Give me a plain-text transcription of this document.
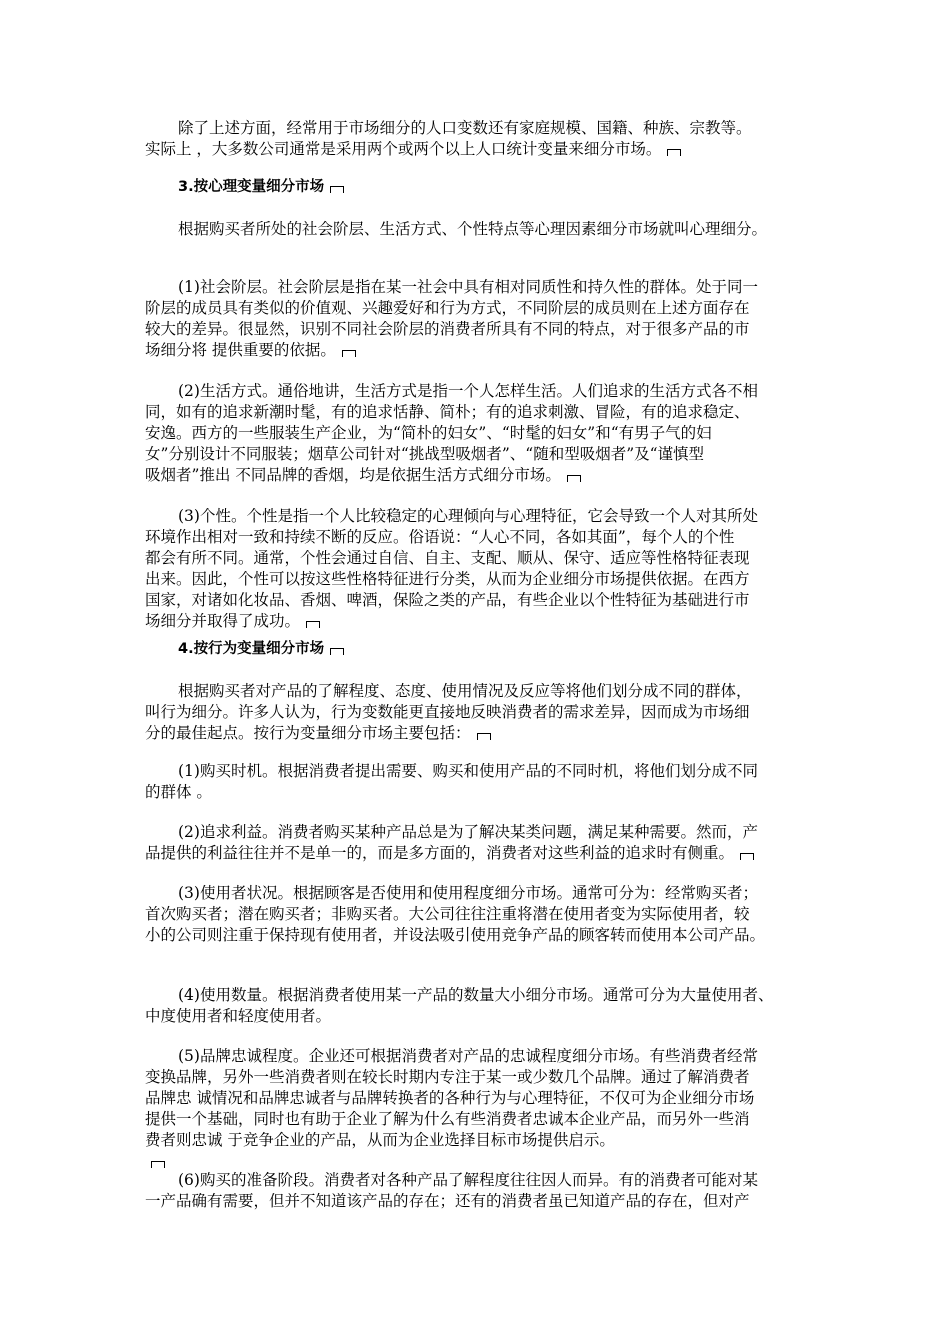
除了上述方面，经常用于市场细分的人口变数还有家庭规模、国籍、种族、宗教等。
实际上 ，大多数公司通常是采用两个或两个以上人口统计变量来细分市场。
3.按心理变量细分市场
根据购买者所处的社会阶层、生活方式、个性特点等心理因素细分市场就叫心理细分。
(1)社会阶层。社会阶层是指在某一社会中具有相对同质性和持久性的群体。处于同一
阶层的成员具有类似的价值观、兴趣爱好和行为方式，不同阶层的成员则在上述方面存在
较大的差异。很显然，识别不同社会阶层的消费者所具有不同的特点，对于很多产品的市
场细分将 提供重要的依据。
(2)生活方式。通俗地讲，生活方式是指一个人怎样生活。人们追求的生活方式各不相
同，如有的追求新潮时髦，有的追求恬静、简朴；有的追求刺激、冒险，有的追求稳定、
安逸。西方的一些服装生产企业，为“简朴的妇女”、“时髦的妇女”和“有男子气的妇
女”分别设计不同服装；烟草公司针对“挑战型吸烟者”、“随和型吸烟者”及“谨慎型
吸烟者”推出 不同品牌的香烟，均是依据生活方式细分市场。
(3)个性。个性是指一个人比较稳定的心理倾向与心理特征，它会导致一个人对其所处
环境作出相对一致和持续不断的反应。俗语说：“人心不同，各如其面”，每个人的个性
都会有所不同。通常，个性会通过自信、自主、支配、顺从、保守、适应等性格特征表现
出来。因此，个性可以按这些性格特征进行分类，从而为企业细分市场提供依据。在西方
国家，对诸如化妆品、香烟、啤酒，保险之类的产品，有些企业以个性特征为基础进行市
场细分并取得了成功。
4.按行为变量细分市场
根据购买者对产品的了解程度、态度、使用情况及反应等将他们划分成不同的群体，
叫行为细分。许多人认为，行为变数能更直接地反映消费者的需求差异，因而成为市场细
分的最佳起点。按行为变量细分市场主要包括：
(1)购买时机。根据消费者提出需要、购买和使用产品的不同时机，将他们划分成不同
的群体 。
(2)追求利益。消费者购买某种产品总是为了解决某类问题，满足某种需要。然而，产
品提供的利益往往并不是单一的，而是多方面的，消费者对这些利益的追求时有侧重。
(3)使用者状况。根据顾客是否使用和使用程度细分市场。通常可分为：经常购买者；
首次购买者；潜在购买者；非购买者。大公司往往注重将潜在使用者变为实际使用者，较
小的公司则注重于保持现有使用者，并设法吸引使用竞争产品的顾客转而使用本公司产品。
(4)使用数量。根据消费者使用某一产品的数量大小细分市场。通常可分为大量使用者、
中度使用者和轻度使用者。
(5)品牌忠诚程度。企业还可根据消费者对产品的忠诚程度细分市场。有些消费者经常
变换品牌，另外一些消费者则在较长时期内专注于某一或少数几个品牌。通过了解消费者
品牌忠 诚情况和品牌忠诚者与品牌转换者的各种行为与心理特征，不仅可为企业细分市场
提供一个基础，同时也有助于企业了解为什么有些消费者忠诚本企业产品，而另外一些消
费者则忠诚 于竞争企业的产品，从而为企业选择目标市场提供启示。
(6)购买的准备阶段。消费者对各种产品了解程度往往因人而异。有的消费者可能对某
一产品确有需要，但并不知道该产品的存在；还有的消费者虽已知道产品的存在，但对产
